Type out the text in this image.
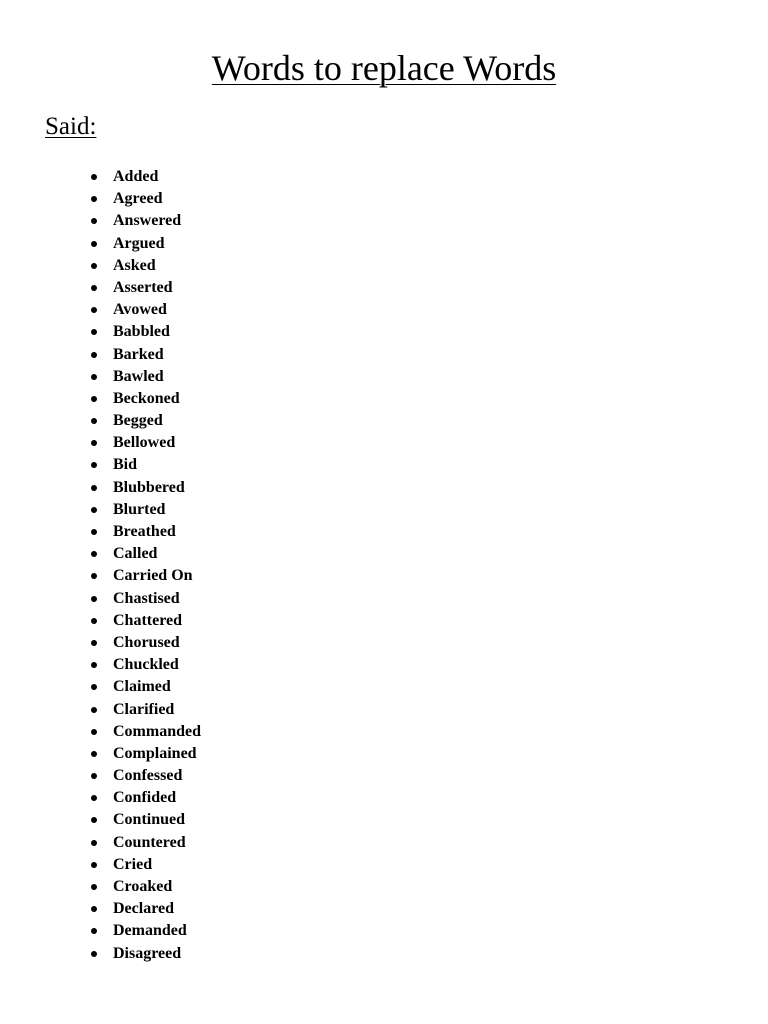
Words to replace Words
Said:
Added
Agreed
Answered
Argued
Asked
Asserted
Avowed
Babbled
Barked
Bawled
Beckoned
Begged
Bellowed
Bid
Blubbered
Blurted
Breathed
Called
Carried On
Chastised
Chattered
Chorused
Chuckled
Claimed
Clarified
Commanded
Complained
Confessed
Confided
Continued
Countered
Cried
Croaked
Declared
Demanded
Disagreed
